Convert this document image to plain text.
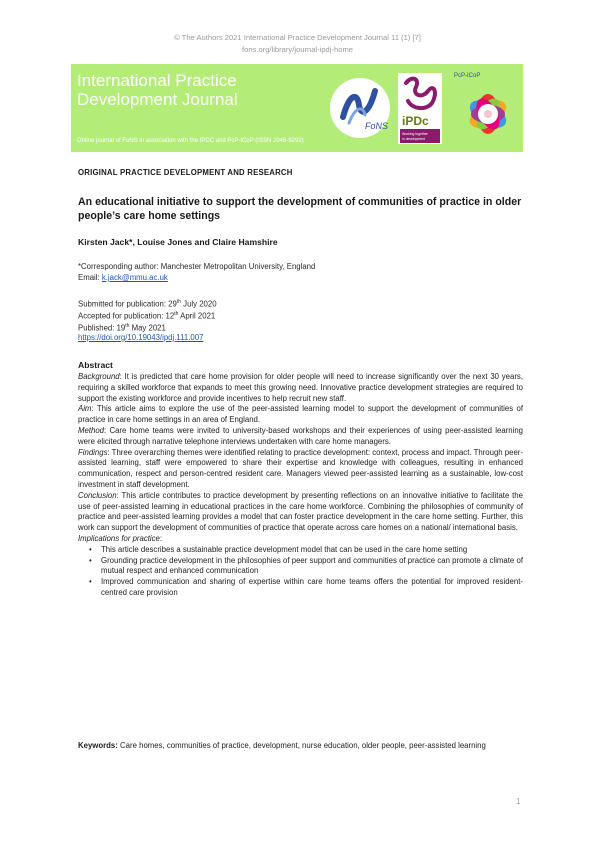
© The Authors 2021 International Practice Development Journal 11 (1) [7]
fons.org/library/journal-ipdj-home
International Practice
Development Journal
Online journal of FoNS in association with the IPDC and PcP-ICoP (ISSN 2046-9292)
FoNS iPDc
Working together
in development
PcP-ICoP
ORIGINAL PRACTICE DEVELOPMENT AND RESEARCH
An educational initiative to support the development of communities of practice in older people’s care home settings
Kirsten Jack*, Louise Jones and Claire Hamshire
*Corresponding author: Manchester Metropolitan University, England
Email: k.jack@mmu.ac.uk
Submitted for publication: 29th July 2020
Accepted for publication: 12th April 2021
Published: 19th May 2021
https://doi.org/10.19043/ipdj.111.007
Abstract

Background: It is predicted that care home provision for older people will need to increase significantly over the next 30 years, requiring a skilled workforce that expands to meet this growing need. Innovative practice development strategies are required to support the existing workforce and provide incentives to help recruit new staff.

Aim: This article aims to explore the use of the peer-assisted learning model to support the development of communities of practice in care home settings in an area of England.

Method: Care home teams were invited to university-based workshops and their experiences of using peer-assisted learning were elicited through narrative telephone interviews undertaken with care home managers.

Findings: Three overarching themes were identified relating to practice development: context, process and impact. Through peer-assisted learning, staff were empowered to share their expertise and knowledge with colleagues, resulting in enhanced communication, respect and person-centred resident care. Managers viewed peer-assisted learning as a sustainable, low-cost investment in staff development.

Conclusion: This article contributes to practice development by presenting reflections on an innovative initiative to facilitate the use of peer-assisted learning in educational practices in the care home workforce. Combining the philosophies of community of practice and peer-assisted learning provides a model that can foster practice development in the care home setting. Further, this work can support the development of communities of practice that operate across care homes on a national/ international basis.

Implications for practice:

• This article describes a sustainable practice development model that can be used in the care home setting
• Grounding practice development in the philosophies of peer support and communities of practice can promote a climate of mutual respect and enhanced communication
• Improved communication and sharing of expertise within care home teams offers the potential for improved resident-centred care provision
Keywords: Care homes, communities of practice, development, nurse education, older people, peer-assisted learning
1
